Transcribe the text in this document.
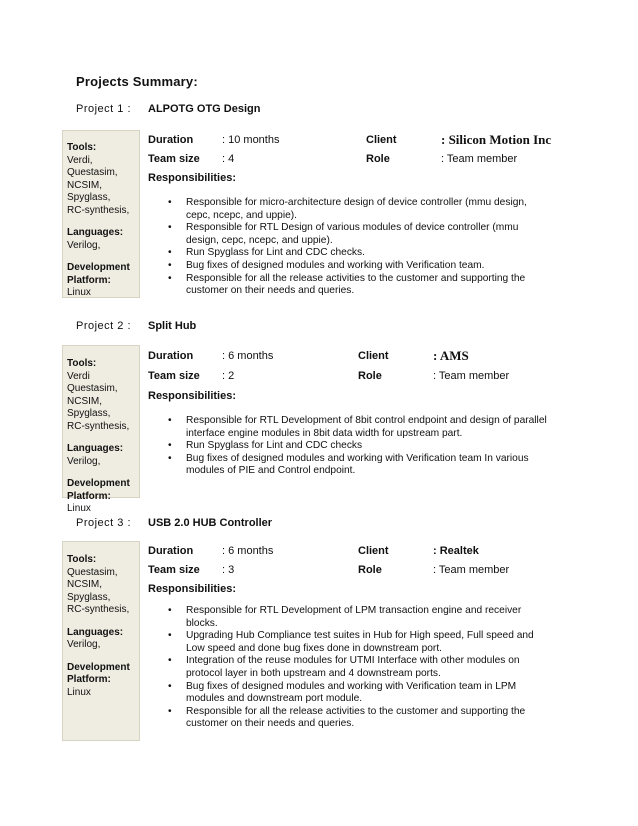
Projects Summary:
Project 1 : ALPOTG OTG Design
Tools:
Verdi,
Questasim,
NCSIM,
Spyglass,
RC-synthesis,
Languages:
Verilog,
Development
Platform:
Linux
Duration	: 10 months	Client	: Silicon Motion Inc
Team size : 4	Role	: Team member
Responsibilities:
• Responsible for micro-architecture design of device controller (mmu design, cepc, ncepc, and uppie).
• Responsible for RTL Design of various modules of device controller (mmu design, cepc, ncepc, and uppie).
• Run Spyglass for Lint and CDC checks.
• Bug fixes of designed modules and working with Verification team.
• Responsible for all the release activities to the customer and supporting the customer on their needs and queries.
Project 2 : Split Hub
Tools:
Verdi
Questasim,
NCSIM,
Spyglass,
RC-synthesis,
Languages:
Verilog,
Development
Platform:
Linux
Duration	: 6 months	Client	: AMS
Team size : 2	Role	: Team member
Responsibilities:
• Responsible for RTL Development of 8bit control endpoint and design of parallel interface engine modules in 8bit data width for upstream part.
• Run Spyglass for Lint and CDC checks
• Bug fixes of designed modules and working with Verification team In various modules of PIE and Control endpoint.
Project 3 : USB 2.0 HUB Controller
Tools:
Questasim,
NCSIM,
Spyglass,
RC-synthesis,
Languages:
Verilog,
Development
Platform:
Linux
Duration	: 6 months	Client	: Realtek
Team size : 3	Role	: Team member
Responsibilities:
• Responsible for RTL Development of LPM transaction engine and receiver blocks.
• Upgrading Hub Compliance test suites in Hub for High speed, Full speed and Low speed and done bug fixes done in downstream port.
• Integration of the reuse modules for UTMI Interface with other modules on protocol layer in both upstream and 4 downstream ports.
• Bug fixes of designed modules and working with Verification team in LPM modules and downstream port module.
• Responsible for all the release activities to the customer and supporting the customer on their needs and queries.
